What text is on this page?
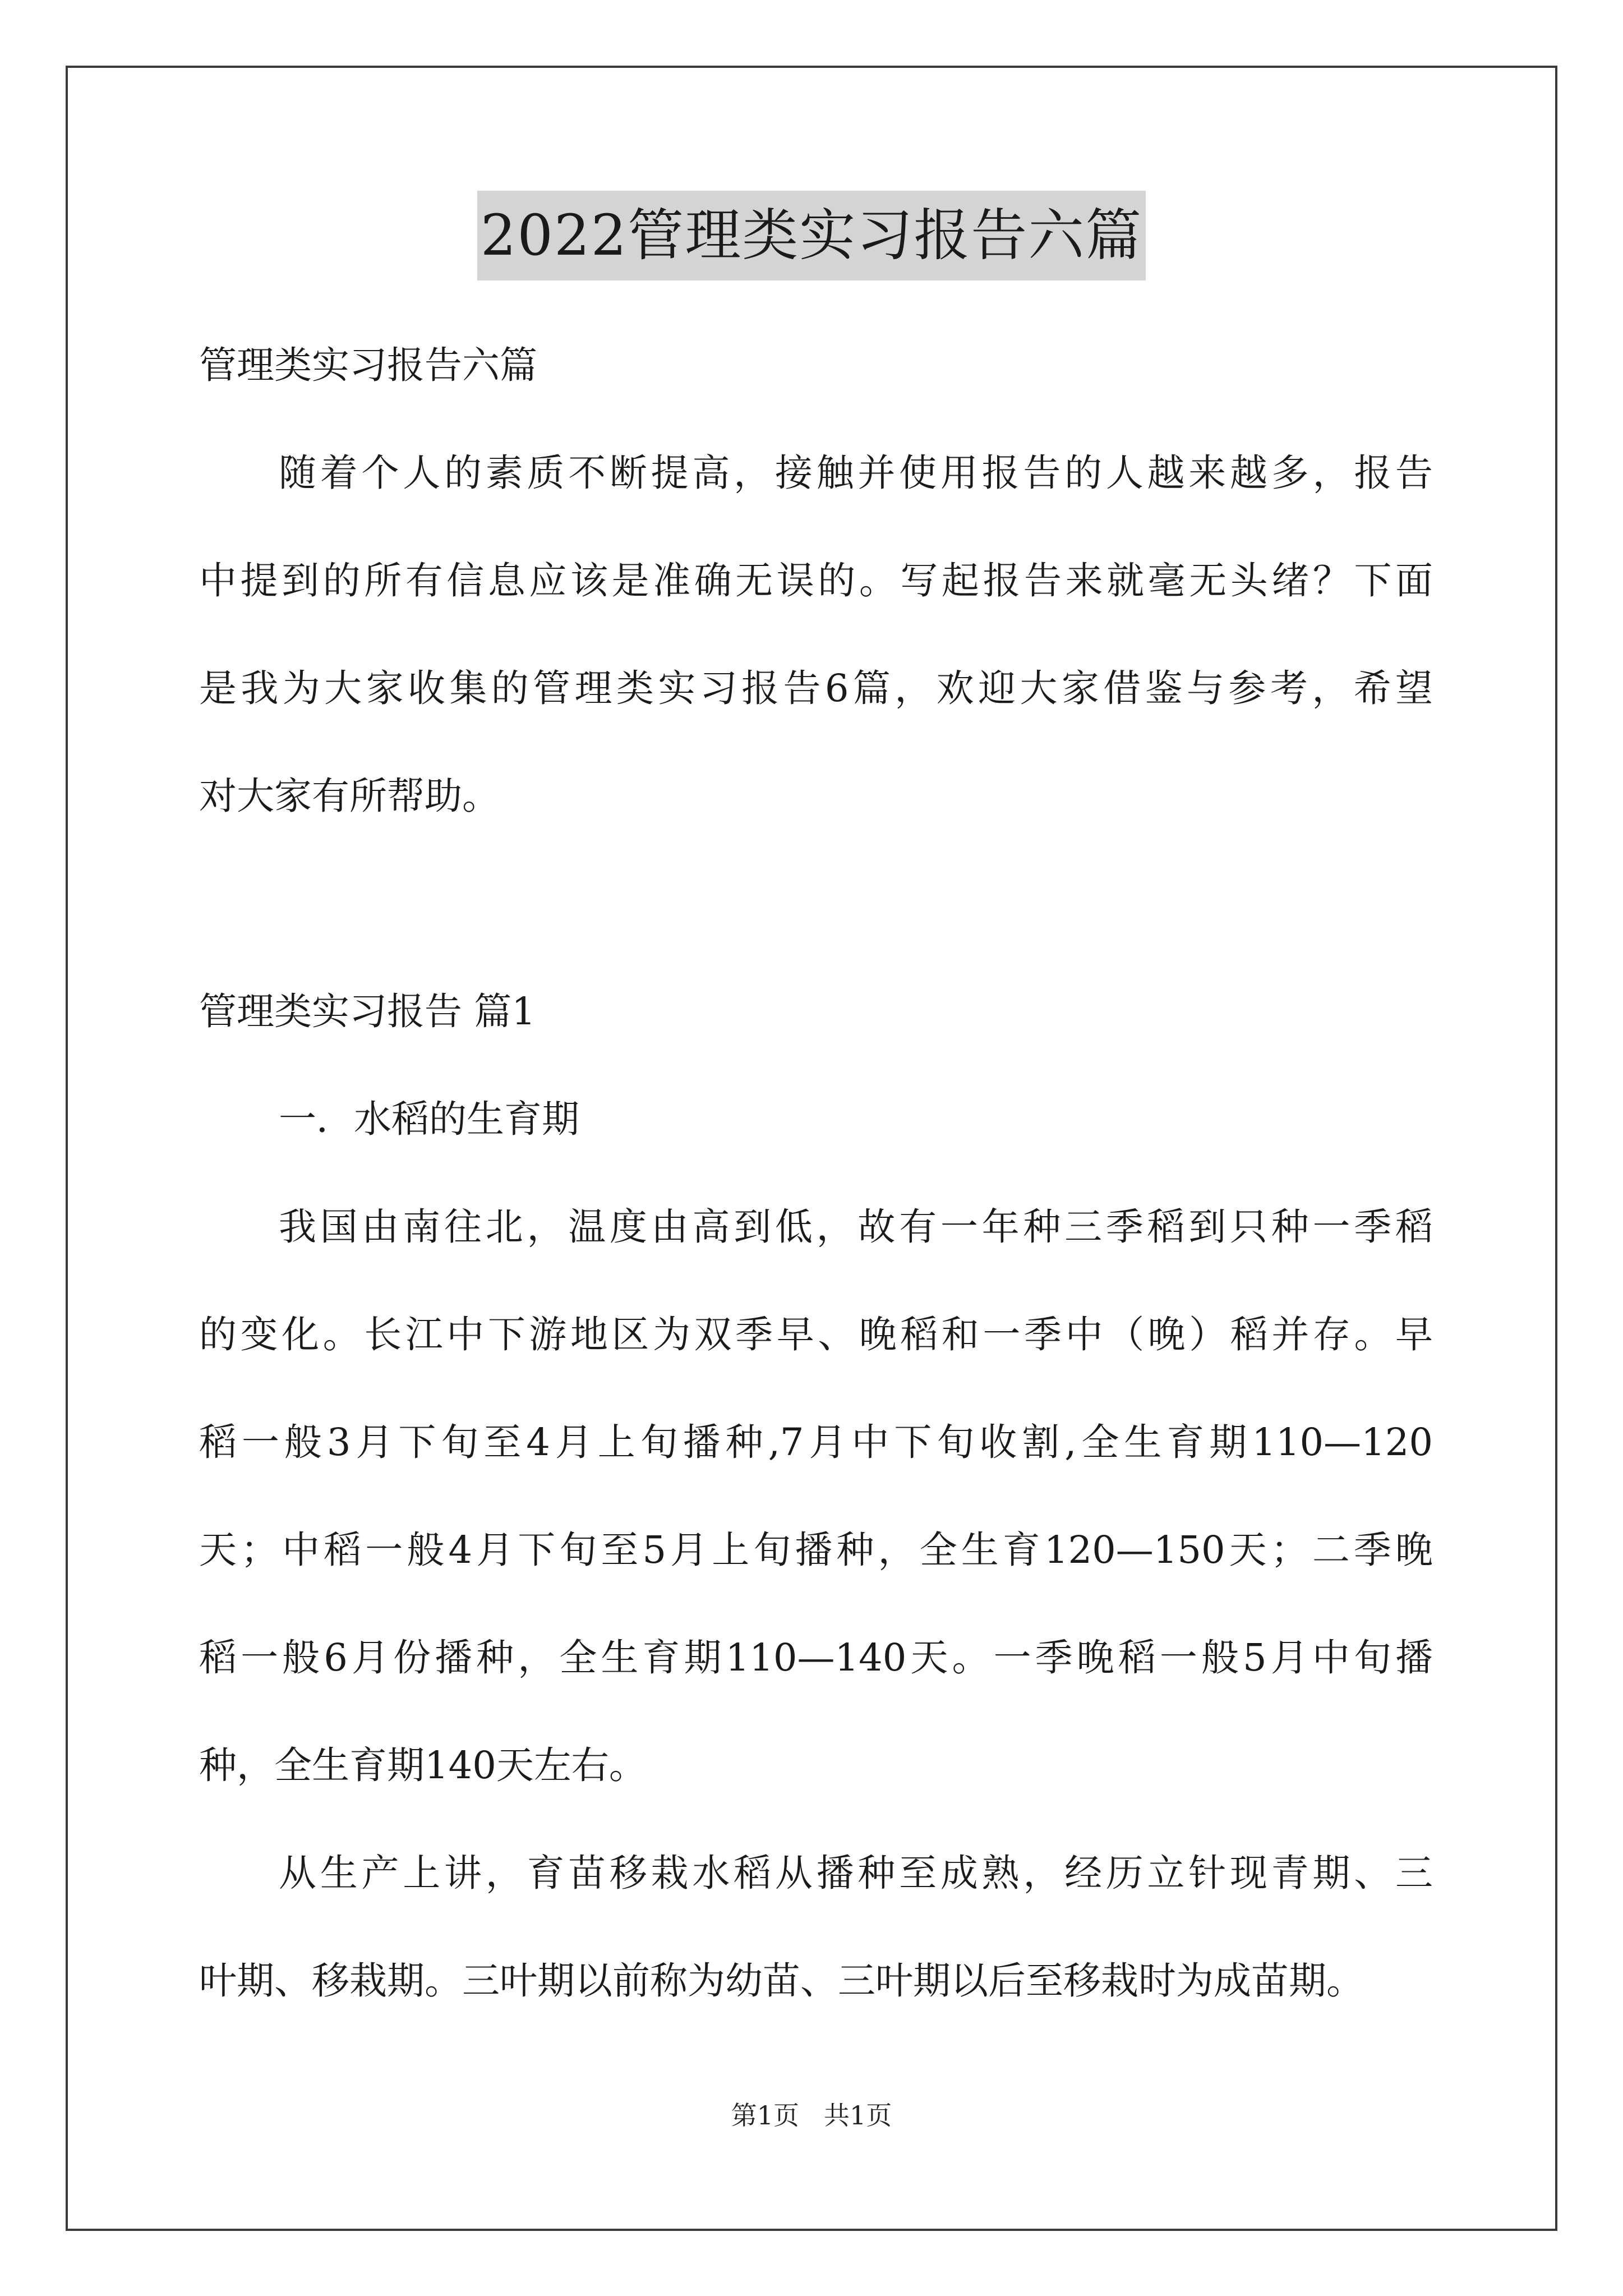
2022管理类实习报告六篇
管理类实习报告六篇
随着个人的素质不断提高，接触并使用报告的人越来越多，报告
中提到的所有信息应该是准确无误的。写起报告来就毫无头绪？下面
是我为大家收集的管理类实习报告6篇，欢迎大家借鉴与参考，希望
对大家有所帮助。
管理类实习报告 篇1
一．水稻的生育期
我国由南往北，温度由高到低，故有一年种三季稻到只种一季稻
的变化。长江中下游地区为双季早、晚稻和一季中（晚）稻并存。早
稻一般3月下旬至4月上旬播种,7月中下旬收割,全生育期110—120
天；中稻一般4月下旬至5月上旬播种，全生育120—150天；二季晚
稻一般6月份播种，全生育期110—140天。一季晚稻一般5月中旬播
种，全生育期140天左右。
从生产上讲，育苗移栽水稻从播种至成熟，经历立针现青期、三
叶期、移栽期。三叶期以前称为幼苗、三叶期以后至移栽时为成苗期。
第1页 共1页
